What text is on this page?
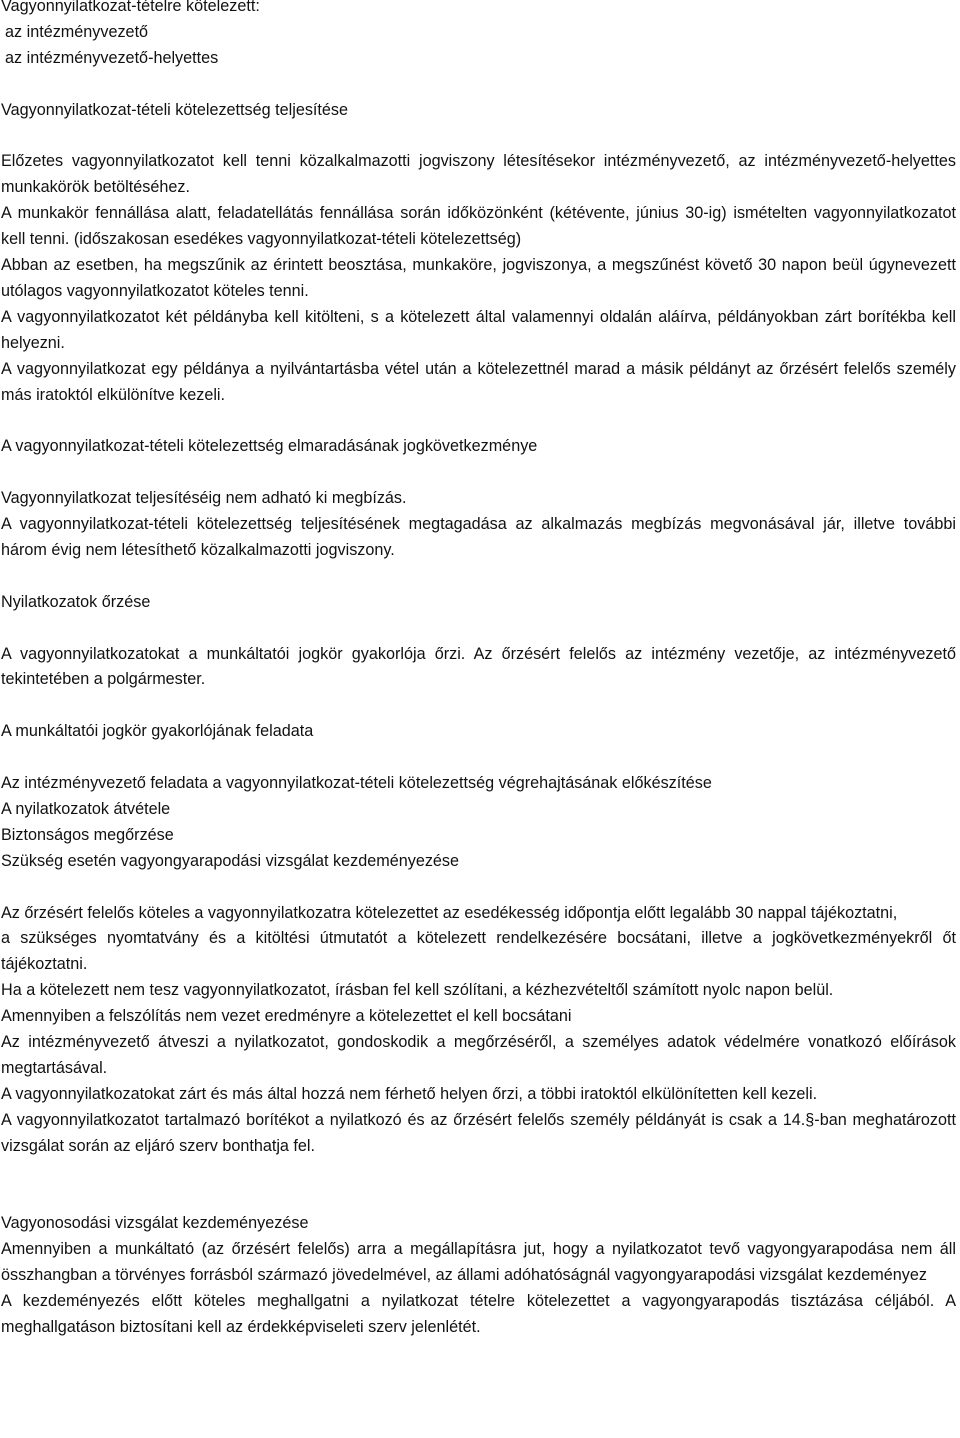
Vagyonnyilatkozat-tételre kötelezett:

az intézményvezető

az intézményvezető-helyettes

Vagyonnyilatkozat-tételi kötelezettség teljesítése

Előzetes vagyonnyilatkozatot kell tenni közalkalmazotti jogviszony létesítésekor intézményvezető, az intézményvezető-helyettes munkakörök betöltéséhez.

A munkakör fennállása alatt, feladatellátás fennállása során időközönként (kétévente, június 30-ig) ismételten vagyonnyilatkozatot kell tenni. (időszakosan esedékes vagyonnyilatkozat-tételi kötelezettség)

Abban az esetben, ha megszűnik az érintett beosztása, munkaköre, jogviszonya, a megszűnést követő 30 napon beül úgynevezett utólagos vagyonnyilatkozatot köteles tenni.

A vagyonnyilatkozatot két példányba kell kitölteni, s a kötelezett által valamennyi oldalán aláírva, példányokban zárt borítékba kell helyezni.

A vagyonnyilatkozat egy példánya a nyilvántartásba vétel után a kötelezettnél marad a másik példányt az őrzésért felelős személy más iratoktól elkülönítve kezeli.

A vagyonnyilatkozat-tételi kötelezettség elmaradásának jogkövetkezménye

Vagyonnyilatkozat teljesítéséig nem adható ki megbízás.

A vagyonnyilatkozat-tételi kötelezettség teljesítésének megtagadása az alkalmazás megbízás megvonásával jár, illetve további három évig nem létesíthető közalkalmazotti jogviszony.

Nyilatkozatok őrzése

A vagyonnyilatkozatokat a munkáltatói jogkör gyakorlója őrzi. Az őrzésért felelős az intézmény vezetője, az intézményvezető tekintetében a polgármester.

A munkáltatói jogkör gyakorlójának feladata

Az intézményvezető feladata a vagyonnyilatkozat-tételi kötelezettség végrehajtásának előkészítése

A nyilatkozatok átvétele

Biztonságos megőrzése

Szükség esetén vagyongyarapodási vizsgálat kezdeményezése

Az őrzésért felelős köteles a vagyonnyilatkozatra kötelezettet az esedékesség időpontja előtt legalább 30 nappal tájékoztatni,

a szükséges nyomtatvány és a kitöltési útmutatót a kötelezett rendelkezésére bocsátani, illetve a jogkövetkezményekről őt tájékoztatni.

Ha a kötelezett nem tesz vagyonnyilatkozatot, írásban fel kell szólítani, a kézhezvételtől számított nyolc napon belül.

Amennyiben a felszólítás nem vezet eredményre a kötelezettet el kell bocsátani

Az intézményvezető átveszi a nyilatkozatot, gondoskodik a megőrzéséről, a személyes adatok védelmére vonatkozó előírások megtartásával.

A vagyonnyilatkozatokat zárt és más által hozzá nem férhető helyen őrzi, a többi iratoktól elkülönítetten kell kezeli.

A vagyonnyilatkozatot tartalmazó borítékot a nyilatkozó és az őrzésért felelős személy példányát is csak a 14.§-ban meghatározott vizsgálat során az eljáró szerv bonthatja fel.

Vagyonosodási vizsgálat kezdeményezése

Amennyiben a munkáltató (az őrzésért felelős) arra a megállapításra jut, hogy a nyilatkozatot tevő vagyongyarapodása nem áll összhangban a törvényes forrásból származó jövedelmével, az állami adóhatóságnál vagyongyarapodási vizsgálat kezdeményez

A kezdeményezés előtt köteles meghallgatni a nyilatkozat tételre kötelezettet a vagyongyarapodás tisztázása céljából. A meghallgatáson biztosítani kell az érdekképviseleti szerv jelenlétét.
